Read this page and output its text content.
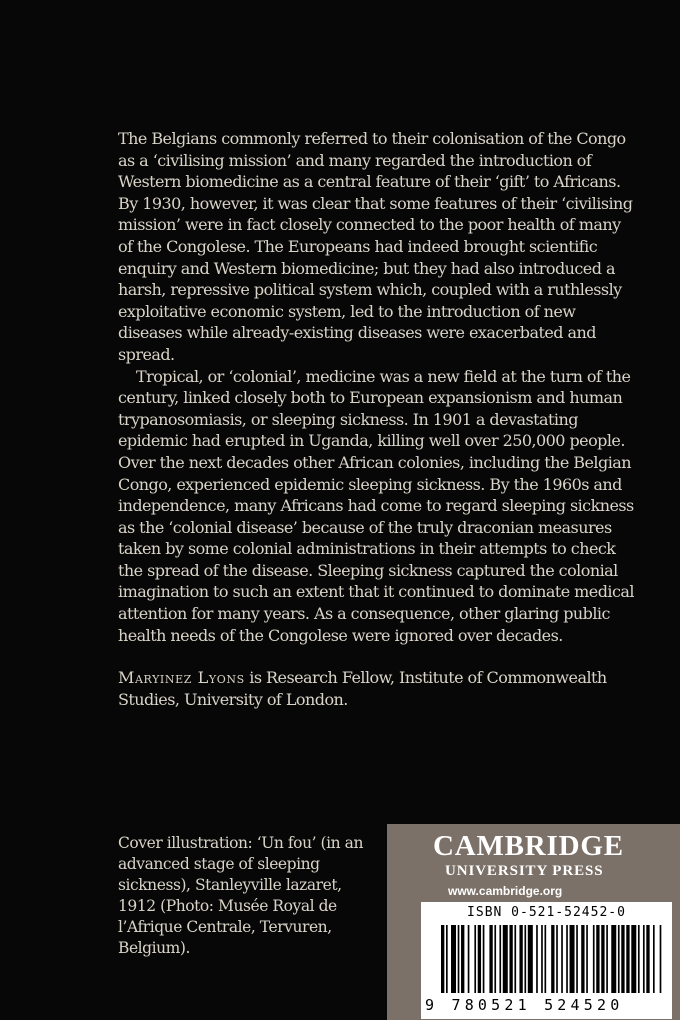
The Belgians commonly referred to their colonisation of the Congo as a ‘civilising mission’ and many regarded the introduction of Western biomedicine as a central feature of their ‘gift’ to Africans. By 1930, however, it was clear that some features of their ‘civilising mission’ were in fact closely connected to the poor health of many of the Congolese. The Europeans had indeed brought scientific enquiry and Western biomedicine; but they had also introduced a harsh, repressive political system which, coupled with a ruthlessly exploitative economic system, led to the introduction of new diseases while already-existing diseases were exacerbated and spread.

Tropical, or ‘colonial’, medicine was a new field at the turn of the century, linked closely both to European expansionism and human trypanosomiasis, or sleeping sickness. In 1901 a devastating epidemic had erupted in Uganda, killing well over 250,000 people. Over the next decades other African colonies, including the Belgian Congo, experienced epidemic sleeping sickness. By the 1960s and independence, many Africans had come to regard sleeping sickness as the ‘colonial disease’ because of the truly draconian measures taken by some colonial administrations in their attempts to check the spread of the disease. Sleeping sickness captured the colonial imagination to such an extent that it continued to dominate medical attention for many years. As a consequence, other glaring public health needs of the Congolese were ignored over decades.

Maryinez Lyons is Research Fellow, Institute of Commonwealth Studies, University of London.

Cover illustration: ‘Un fou’ (in an advanced stage of sleeping sickness), Stanleyville lazaret, 1912 (Photo: Musée Royal de l’Afrique Centrale, Tervuren, Belgium).

CAMBRIDGE
UNIVERSITY PRESS
www.cambridge.org
ISBN 0-521-52452-0
9 780521 524520
